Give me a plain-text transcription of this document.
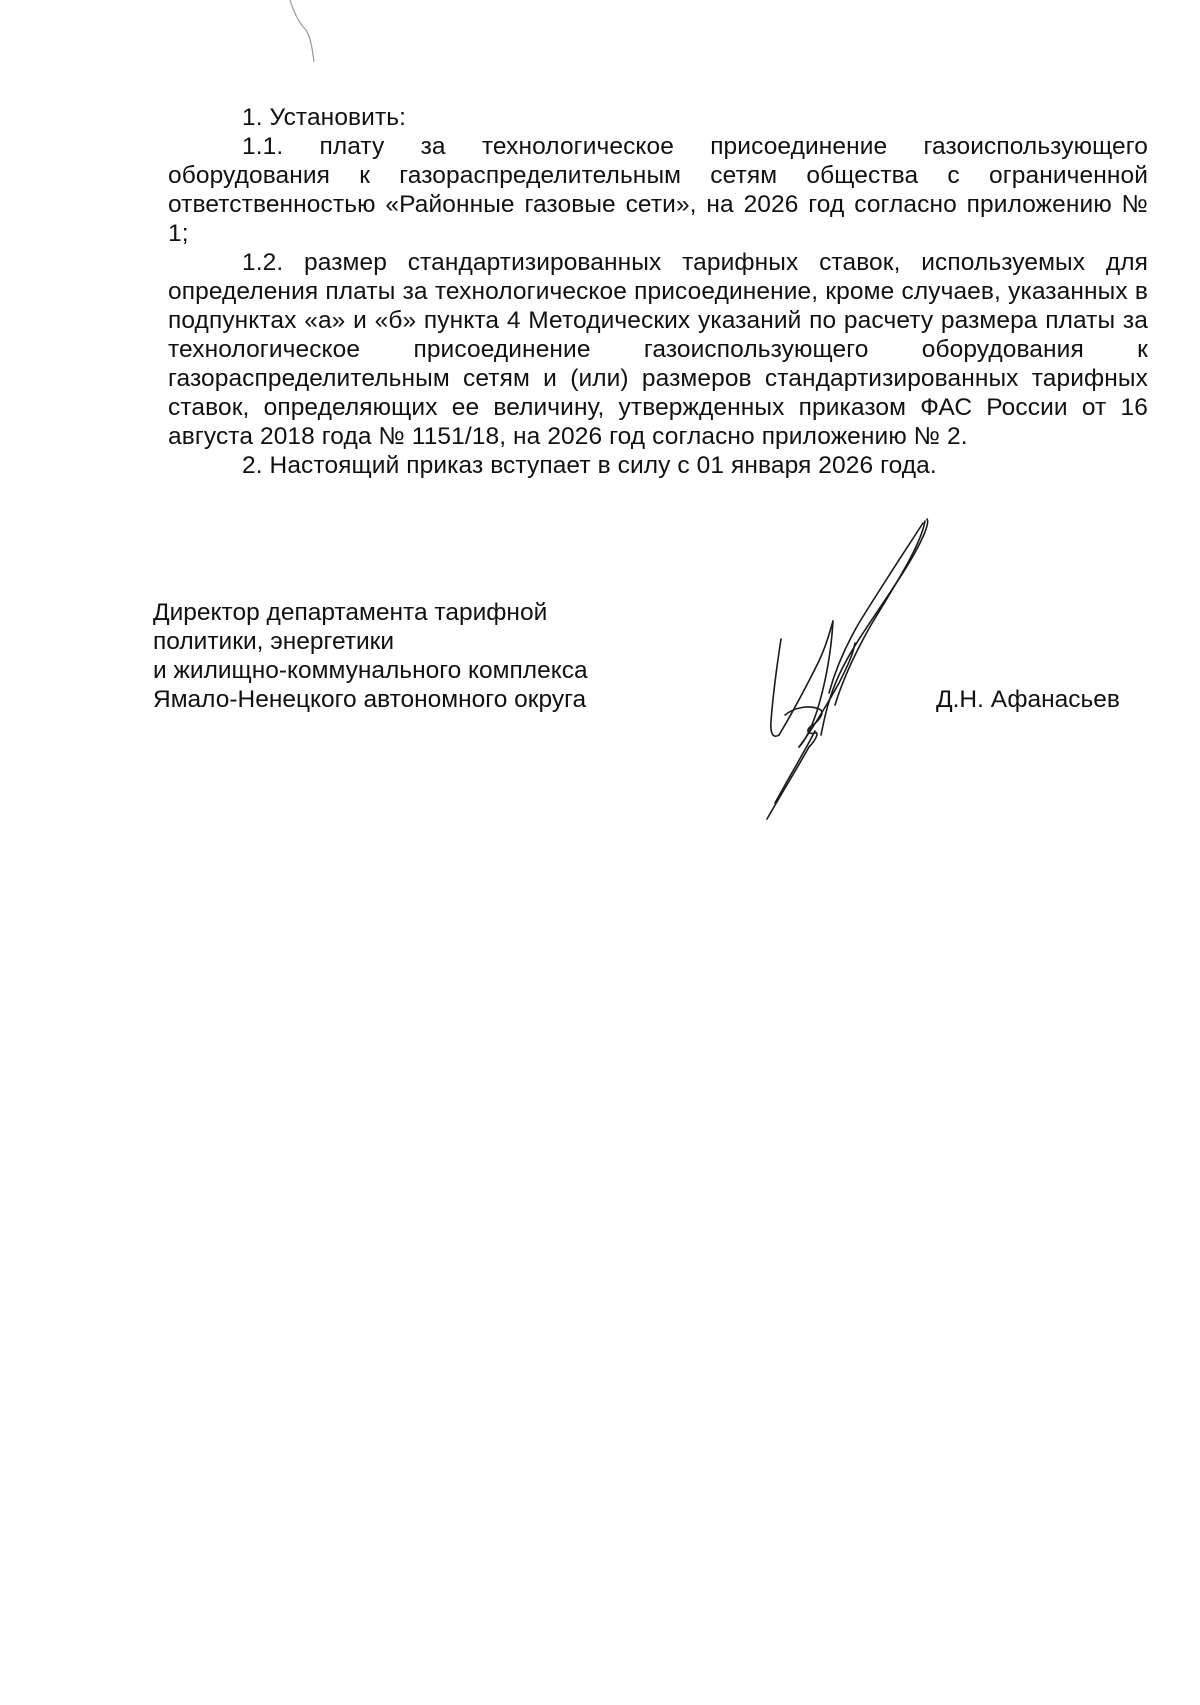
1. Установить:

1.1. плату за технологическое присоединение газоиспользующего оборудования к газораспределительным сетям общества с ограниченной ответственностью «Районные газовые сети», на 2026 год согласно приложению № 1;

1.2. размер стандартизированных тарифных ставок, используемых для определения платы за технологическое присоединение, кроме случаев, указанных в подпунктах «а» и «б» пункта 4 Методических указаний по расчету размера платы за технологическое присоединение газоиспользующего оборудования к газораспределительным сетям и (или) размеров стандартизированных тарифных ставок, определяющих ее величину, утвержденных приказом ФАС России от 16 августа 2018 года № 1151/18, на 2026 год согласно приложению № 2.

2. Настоящий приказ вступает в силу с 01 января 2026 года.

Директор департамента тарифной
политики, энергетики
и жилищно-коммунального комплекса
Ямало-Ненецкого автономного округа	Д.Н. Афанасьев
